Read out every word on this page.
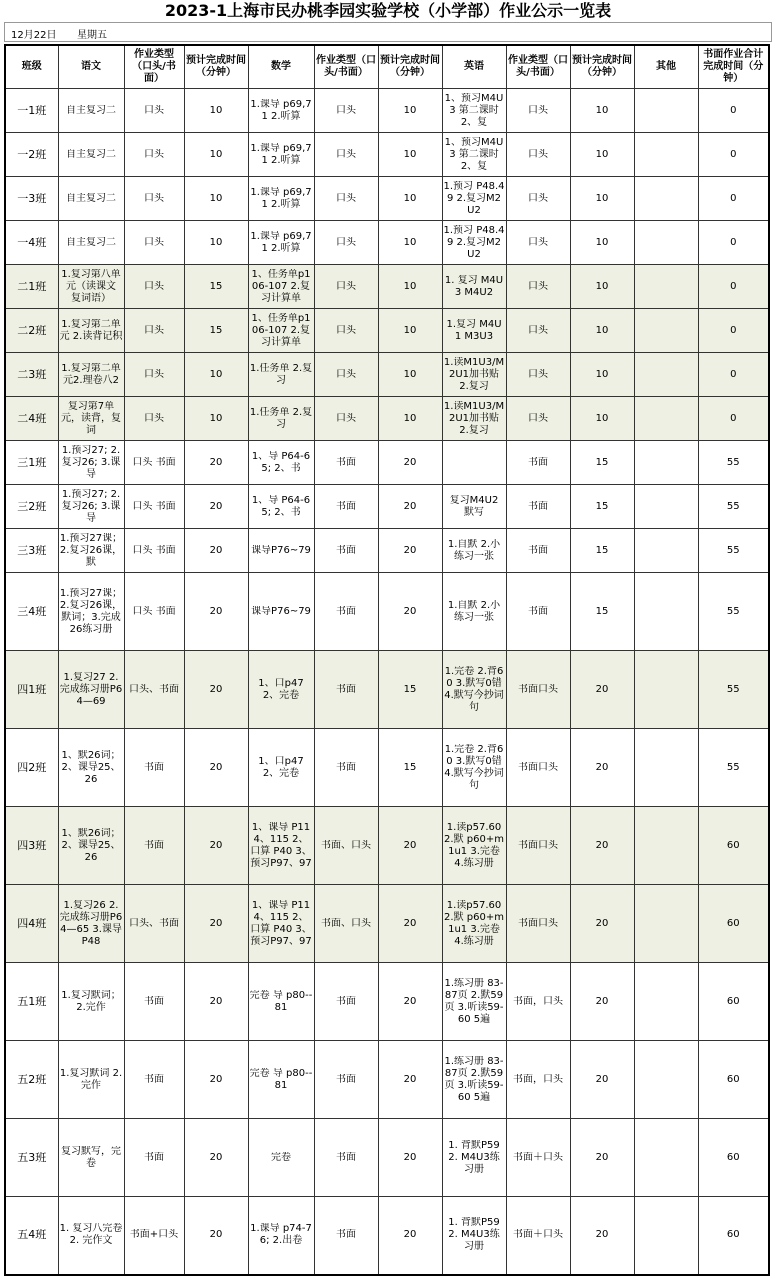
2023-1上海市民办桃李园实验学校（小学部）作业公示一览表
12月22日 星期五
班级	语文	作业类型（口头/书面）	预计完成时间（分钟）	数学	作业类型（口头/书面）	预计完成时间（分钟）	英语	作业类型（口头/书面）	预计完成时间（分钟）	其他	书面作业合计完成时间（分钟）

一1班	自主复习二	口头	10	1.课导 p69,71 2.听算	口头	10	1、预习M4U3 第二课时 2、复	口头	10		0

一2班	自主复习二	口头	10	1.课导 p69,71 2.听算	口头	10	1、预习M4U3 第二课时 2、复	口头	10		0

一3班	自主复习二	口头	10	1.课导 p69,71 2.听算	口头	10	1.预习 P48.49 2.复习M2U2	口头	10		0

一4班	自主复习二	口头	10	1.课导 p69,71 2.听算	口头	10	1.预习 P48.49 2.复习M2U2	口头	10		0

二1班	1.复习第八单元（读课文 复词语）	口头	15	1、任务单p106-107 2.复习计算单	口头	10	1. 复习 M4U3 M4U2	口头	10		0

二2班	1.复习第二单元 2.读背记积	口头	15	1、任务单p106-107 2.复习计算单	口头	10	1.复习 M4U1 M3U3	口头	10		0

二3班	1.复习第二单元2.理卷八2	口头	10	1.任务单 2.复习	口头	10	1.读M1U3/M2U1加书贴 2.复习	口头	10		0

二4班	复习第7单元，读背，复词	口头	10	1.任务单 2.复习	口头	10	1.读M1U3/M2U1加书贴 2.复习	口头	10		0

三1班	1.预习27; 2.复习26; 3.课导	口头 书面	20	1、导 P64-65; 2、书	书面	20		书面	15		55

三2班	1.预习27; 2.复习26; 3.课导	口头 书面	20	1、导 P64-65; 2、书	书面	20	复习M4U2 默写	书面	15		55

三3班	1.预习27课；2.复习26课，默	口头 书面	20	课导P76~79	书面	20	1.自默 2.小练习一张	书面	15		55

三4班	1.预习27课；2.复习26课，默词；3.完成26练习册	口头 书面	20	课导P76~79	书面	20	1.自默 2.小练习一张	书面	15		55

四1班	1.复习27 2.完成练习册P64—69	口头、书面	20	1、口p47 2、完卷	书面	15	1.完卷 2.背60 3.默写0错 4.默写今抄词句	书面口头	20		55

四2班	1、默26词；2、课导25、26	书面	20	1、口p47 2、完卷	书面	15	1.完卷 2.背60 3.默写0错 4.默写今抄词句	书面口头	20		55

四3班	1、默26词；2、课导25、26	书面	20	1、课导 P114、115 2、口算 P40 3、预习P97、97	书面、口头	20	1.读p57.60 2.默 p60+m1u1 3.完卷 4.练习册	书面口头	20		60

四4班	1.复习26 2.完成练习册P64—65 3.课导P48	口头、书面	20	1、课导 P114、115 2、口算 P40 3、预习P97、97	书面、口头	20	1.读p57.60 2.默 p60+m1u1 3.完卷 4.练习册	书面口头	20		60

五1班	1.复习默词；2.完作	书面	20	完卷 导 p80--81	书面	20	1.练习册 83-87页 2.默59页 3.听读59-60 5遍	书面，口头	20		60

五2班	1.复习默词 2.完作	书面	20	完卷 导 p80--81	书面	20	1.练习册 83-87页 2.默59页 3.听读59-60 5遍	书面，口头	20		60

五3班	复习默写，完卷	书面	20	完卷	书面	20	1. 背默P59 2. M4U3练习册	书面＋口头	20		60

五4班	1. 复习八完卷 2. 完作文	书面+口头	20	1.课导 p74-76; 2.出卷	书面	20	1. 背默P59 2. M4U3练习册	书面＋口头	20		60
